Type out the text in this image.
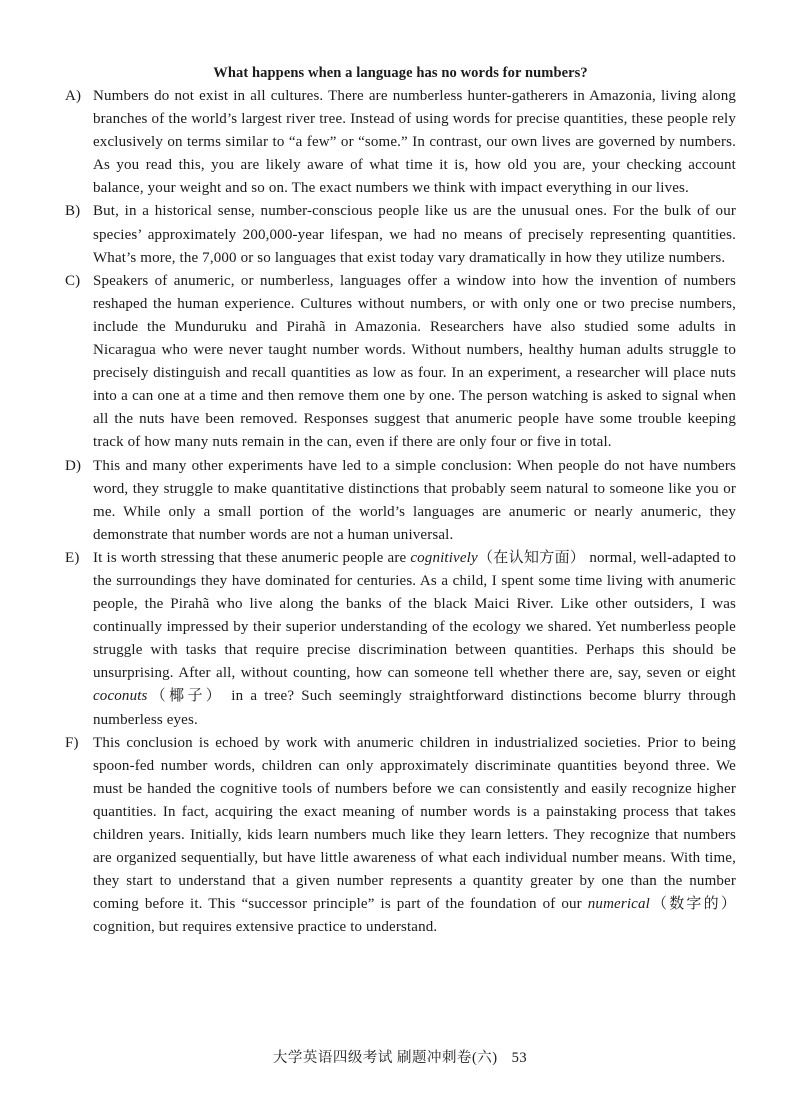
What happens when a language has no words for numbers?

A) Numbers do not exist in all cultures. There are numberless hunter-gatherers in Amazonia, living along branches of the world’s largest river tree. Instead of using words for precise quantities, these people rely exclusively on terms similar to “a few” or “some.” In contrast, our own lives are governed by numbers. As you read this, you are likely aware of what time it is, how old you are, your checking account balance, your weight and so on. The exact numbers we think with impact everything in our lives.

B) But, in a historical sense, number-conscious people like us are the unusual ones. For the bulk of our species’ approximately 200,000-year lifespan, we had no means of precisely representing quantities. What’s more, the 7,000 or so languages that exist today vary dramatically in how they utilize numbers.

C) Speakers of anumeric, or numberless, languages offer a window into how the invention of numbers reshaped the human experience. Cultures without numbers, or with only one or two precise numbers, include the Munduruku and Pirahã in Amazonia. Researchers have also studied some adults in Nicaragua who were never taught number words. Without numbers, healthy human adults struggle to precisely distinguish and recall quantities as low as four. In an experiment, a researcher will place nuts into a can one at a time and then remove them one by one. The person watching is asked to signal when all the nuts have been removed. Responses suggest that anumeric people have some trouble keeping track of how many nuts remain in the can, even if there are only four or five in total.

D) This and many other experiments have led to a simple conclusion: When people do not have numbers word, they struggle to make quantitative distinctions that probably seem natural to someone like you or me. While only a small portion of the world’s languages are anumeric or nearly anumeric, they demonstrate that number words are not a human universal.

E) It is worth stressing that these anumeric people are cognitively（在认知方面） normal, well-adapted to the surroundings they have dominated for centuries. As a child, I spent some time living with anumeric people, the Pirahã who live along the banks of the black Maici River. Like other outsiders, I was continually impressed by their superior understanding of the ecology we shared. Yet numberless people struggle with tasks that require precise discrimination between quantities. Perhaps this should be unsurprising. After all, without counting, how can someone tell whether there are, say, seven or eight coconuts（椰子） in a tree? Such seemingly straightforward distinctions become blurry through numberless eyes.

F) This conclusion is echoed by work with anumeric children in industrialized societies. Prior to being spoon-fed number words, children can only approximately discriminate quantities beyond three. We must be handed the cognitive tools of numbers before we can consistently and easily recognize higher quantities. In fact, acquiring the exact meaning of number words is a painstaking process that takes children years. Initially, kids learn numbers much like they learn letters. They recognize that numbers are organized sequentially, but have little awareness of what each individual number means. With time, they start to understand that a given number represents a quantity greater by one than the number coming before it. This “successor principle” is part of the foundation of our numerical（数字的） cognition, but requires extensive practice to understand.

大学英语四级考试 刷题冲刺卷(六) 53
